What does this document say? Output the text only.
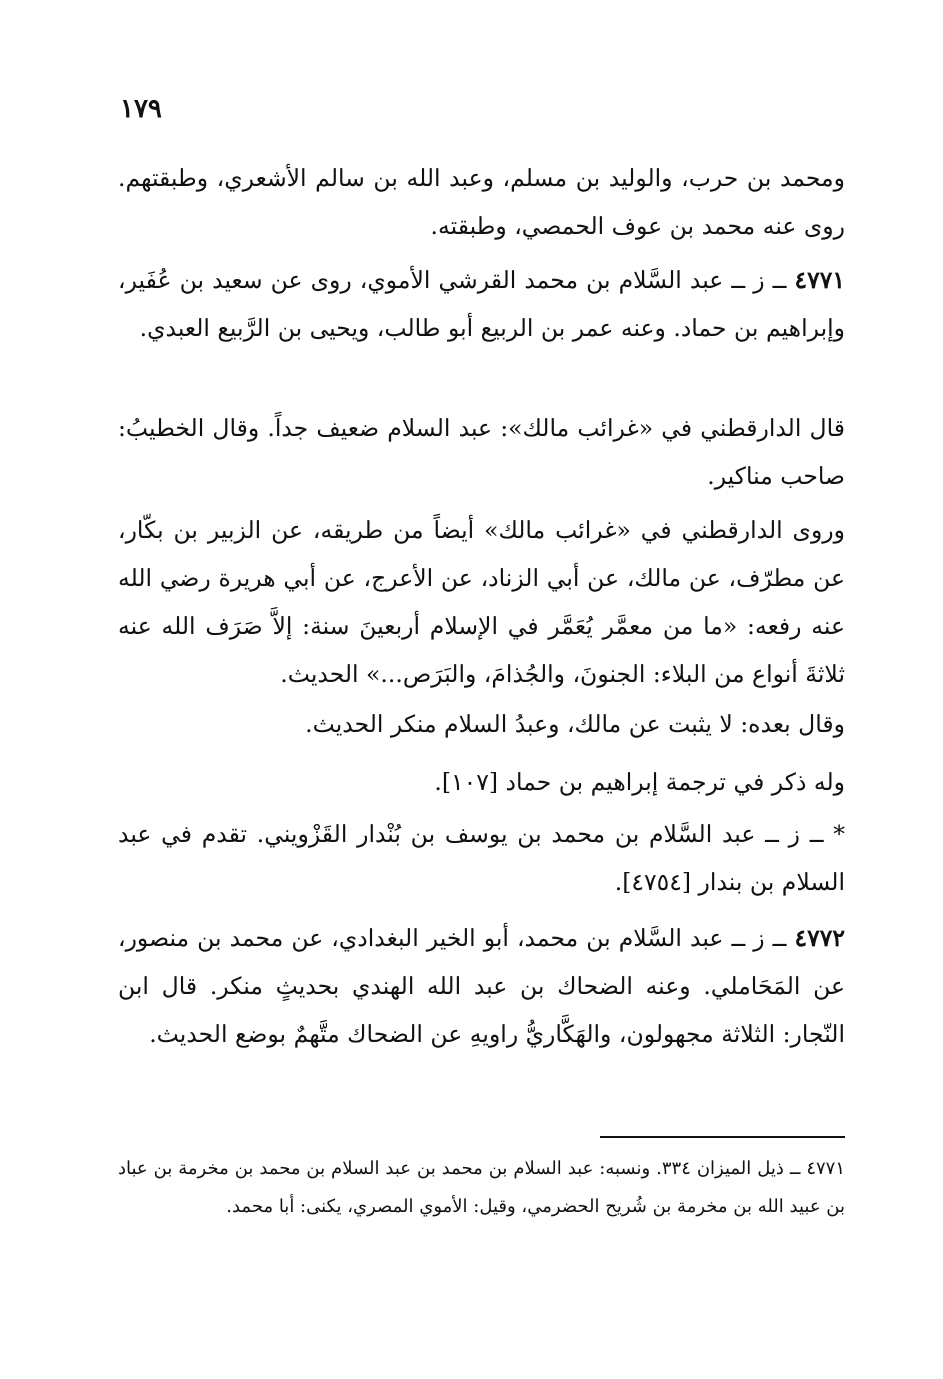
١٧٩

ومحمد بن حرب، والوليد بن مسلم، وعبد الله بن سالم الأشعري، وطبقتهم. روى عنه محمد بن عوف الحمصي، وطبقته.

٤٧٧١ ــ ز ــ عبد السَّلام بن محمد القرشي الأموي، روى عن سعيد بن عُفَير، وإبراهيم بن حماد. وعنه عمر بن الربيع أبو طالب، ويحيى بن الرَّبيع العبدي.

قال الدارقطني في «غرائب مالك»: عبد السلام ضعيف جداً. وقال الخطيبُ: صاحب مناكير.

وروى الدارقطني في «غرائب مالك» أيضاً من طريقه، عن الزبير بن بكّار، عن مطرّف، عن مالك، عن أبي الزناد، عن الأعرج، عن أبي هريرة رضي الله عنه رفعه: «ما من معمَّر يُعَمَّر في الإسلام أربعينَ سنة: إلاَّ صَرَف الله عنه ثلاثةَ أنواع من البلاء: الجنونَ، والجُذامَ، والبَرَص...» الحديث.

وقال بعده: لا يثبت عن مالك، وعبدُ السلام منكر الحديث.

وله ذكر في ترجمة إبراهيم بن حماد [١٠٧].

* ــ ز ــ عبد السَّلام بن محمد بن يوسف بن بُنْدار القَزْويني. تقدم في عبد السلام بن بندار [٤٧٥٤].

٤٧٧٢ ــ ز ــ عبد السَّلام بن محمد، أبو الخير البغدادي، عن محمد بن منصور، عن المَحَاملي. وعنه الضحاك بن عبد الله الهندي بحديثٍ منكر. قال ابن النّجار: الثلاثة مجهولون، والهَكَّاريُّ راويهِ عن الضحاك متَّهمٌ بوضع الحديث.

٤٧٧١ ــ ذيل الميزان ٣٣٤. ونسبه: عبد السلام بن محمد بن عبد السلام بن محمد بن مخرمة بن عباد بن عبيد الله بن مخرمة بن شُريح الحضرمي، وقيل: الأموي المصري، يكنى: أبا محمد.
